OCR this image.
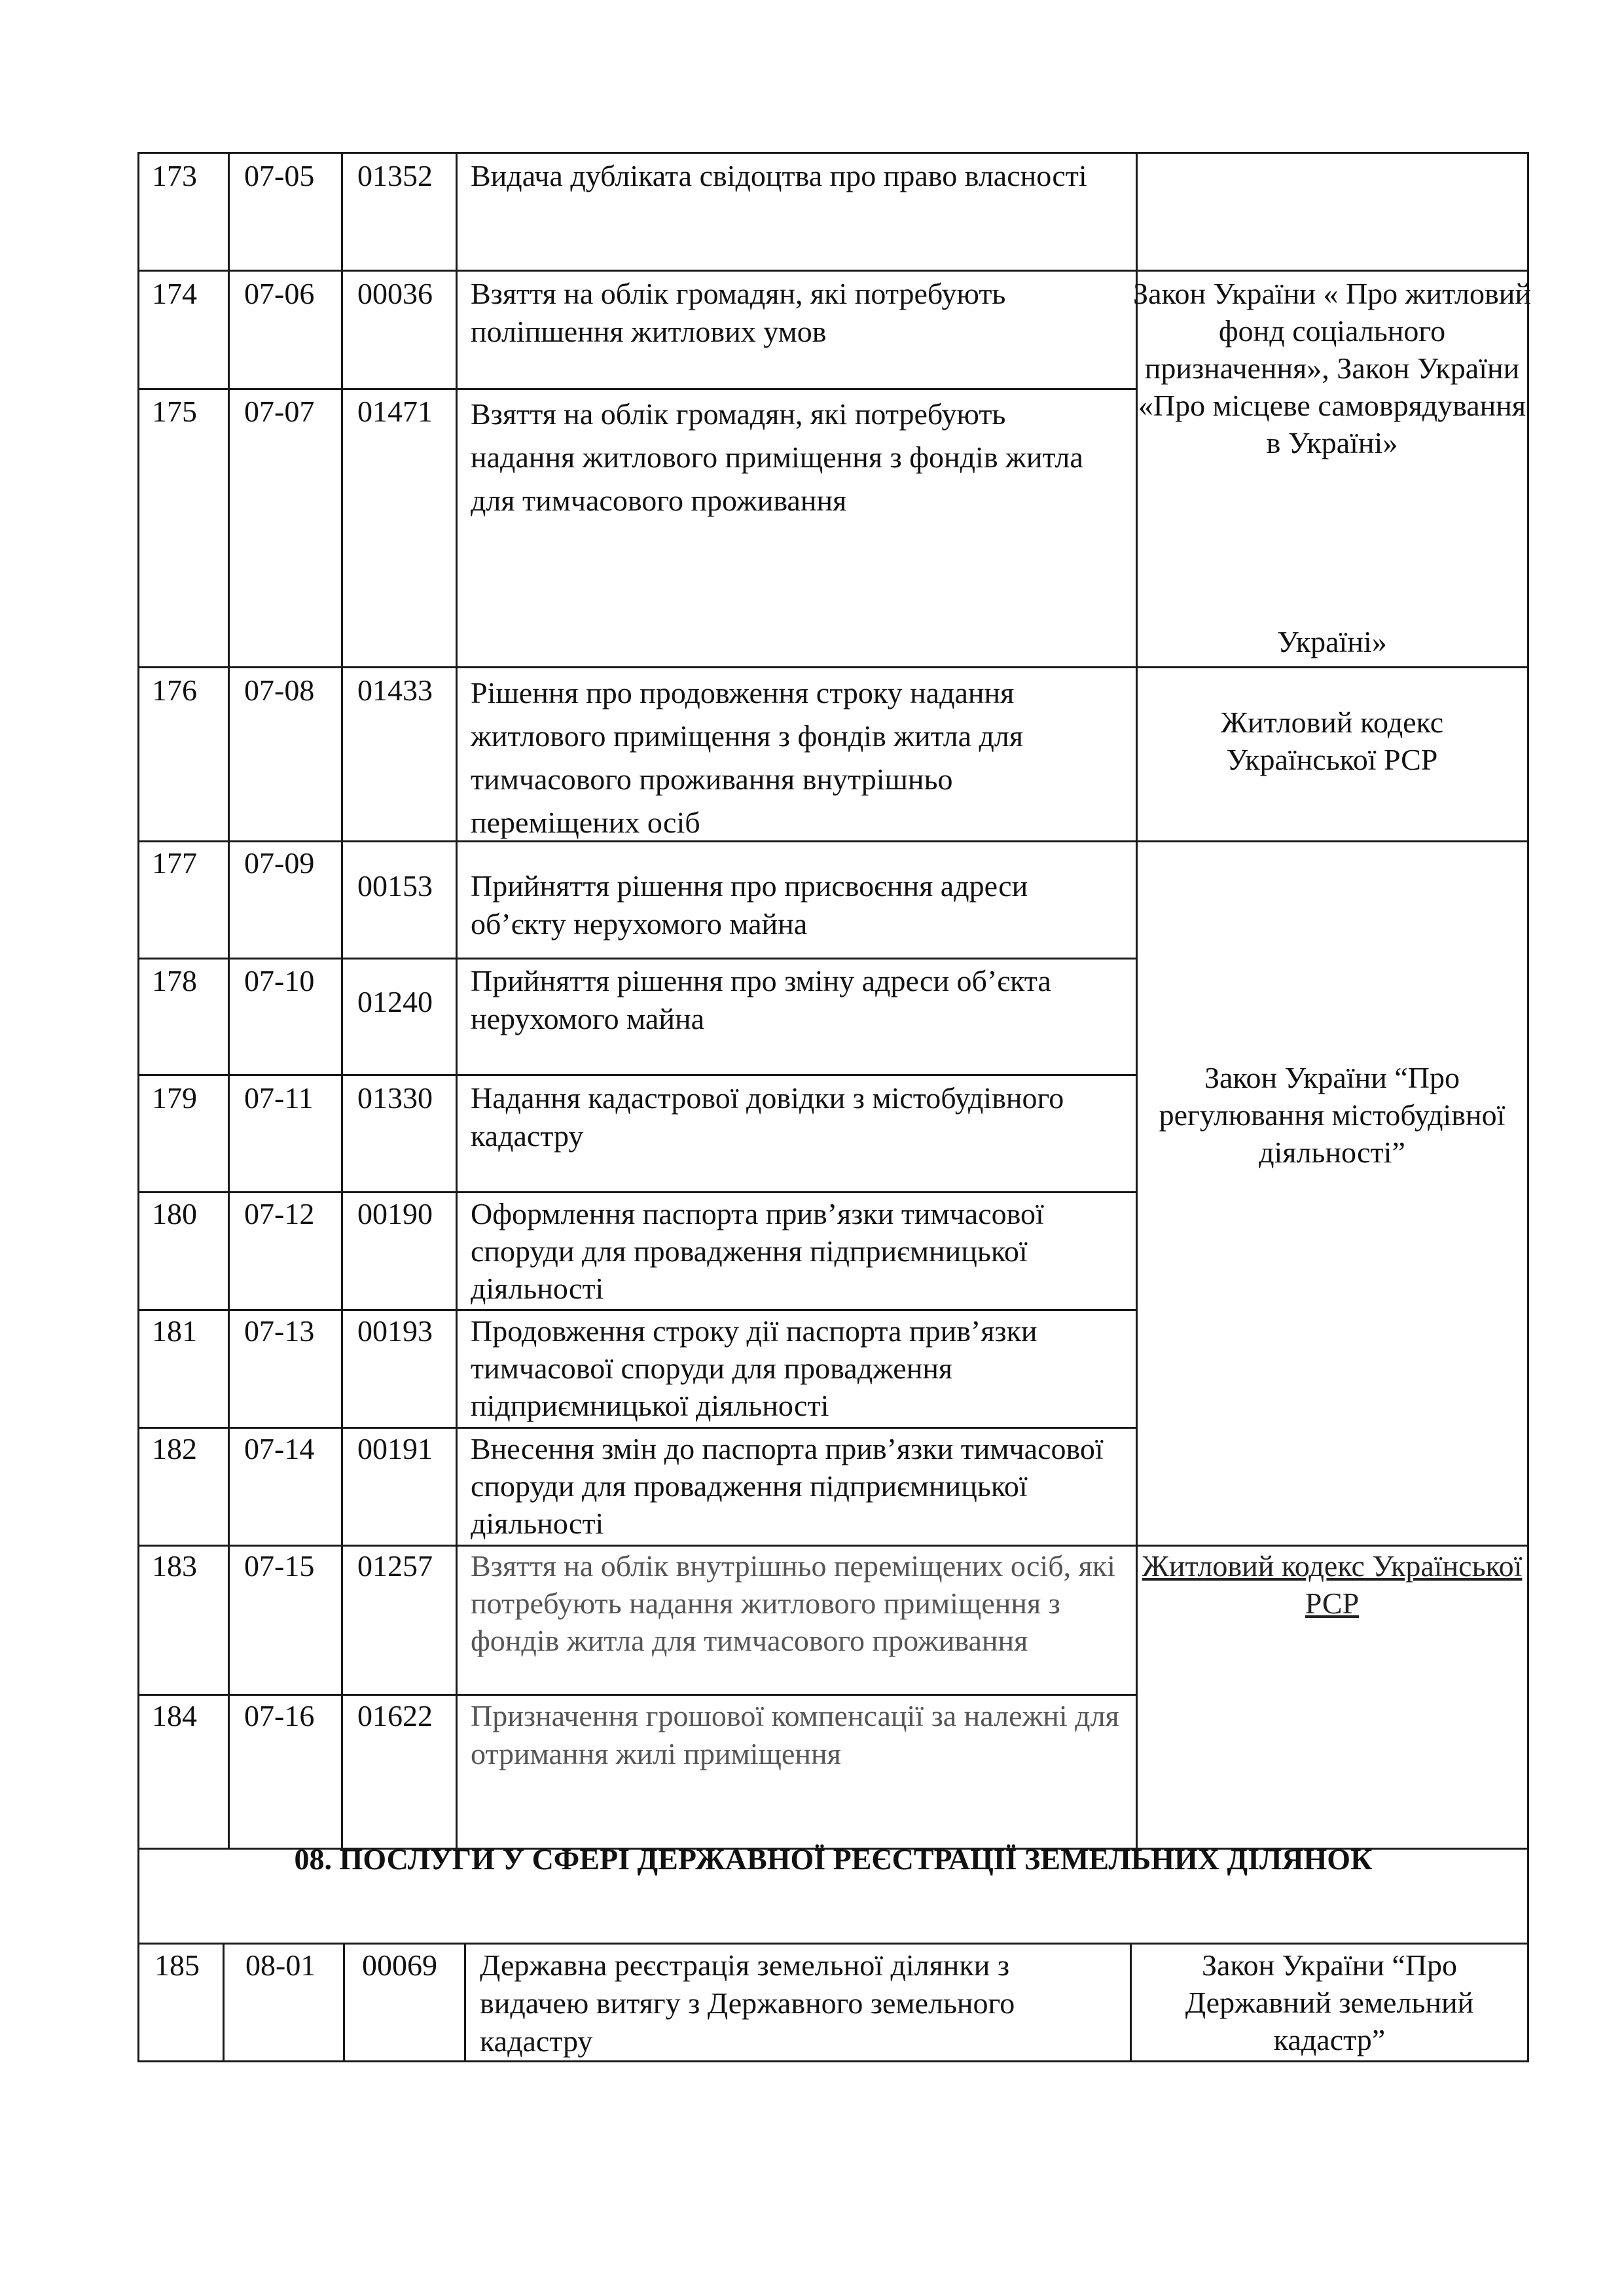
173 07-05 01352 Видача дубліката свідоцтва про право власності
174 07-06 00036 Взяття на облік громадян, які потребують поліпшення житлових умов
175 07-07 01471 Взяття на облік громадян, які потребують надання житлового приміщення з фондів житла для тимчасового проживання
Закон України « Про житловий фонд соціального призначення», Закон України «Про місцеве самоврядування в Україні»
Україні»
176 07-08 01433 Рішення про продовження строку надання житлового приміщення з фондів житла для тимчасового проживання внутрішньо переміщених осіб
Житловий кодекс Української РСР
177 07-09
00153 Прийняття рішення про присвоєння адреси об’єкту нерухомого майна
178 07-10
01240
Прийняття рішення про зміну адреси об’єкта нерухомого майна
179 07-11 01330 Надання кадастрової довідки з містобудівного кадастру
Закон України “Про регулювання містобудівної діяльності”
180 07-12 00190 Оформлення паспорта прив’язки тимчасової споруди для провадження підприємницької діяльності
181 07-13 00193 Продовження строку дії паспорта прив’язки тимчасової споруди для провадження підприємницької діяльності
182 07-14 00191 Внесення змін до паспорта прив’язки тимчасової споруди для провадження підприємницької діяльності
183 07-15 01257 Взяття на облік внутрішньо переміщених осіб, які потребують надання житлового приміщення з фондів житла для тимчасового проживання
Житловий кодекс Української РСР
184 07-16 01622 Призначення грошової компенсації за належні для отримання жилі приміщення
08. ПОСЛУГИ У СФЕРІ ДЕРЖАВНОЇ РЕЄСТРАЦІЇ ЗЕМЕЛЬНИХ ДІЛЯНОК
185 08-01 00069 Державна реєстрація земельної ділянки з видачею витягу з Державного земельного кадастру
Закон України “Про Державний земельний кадастр”
